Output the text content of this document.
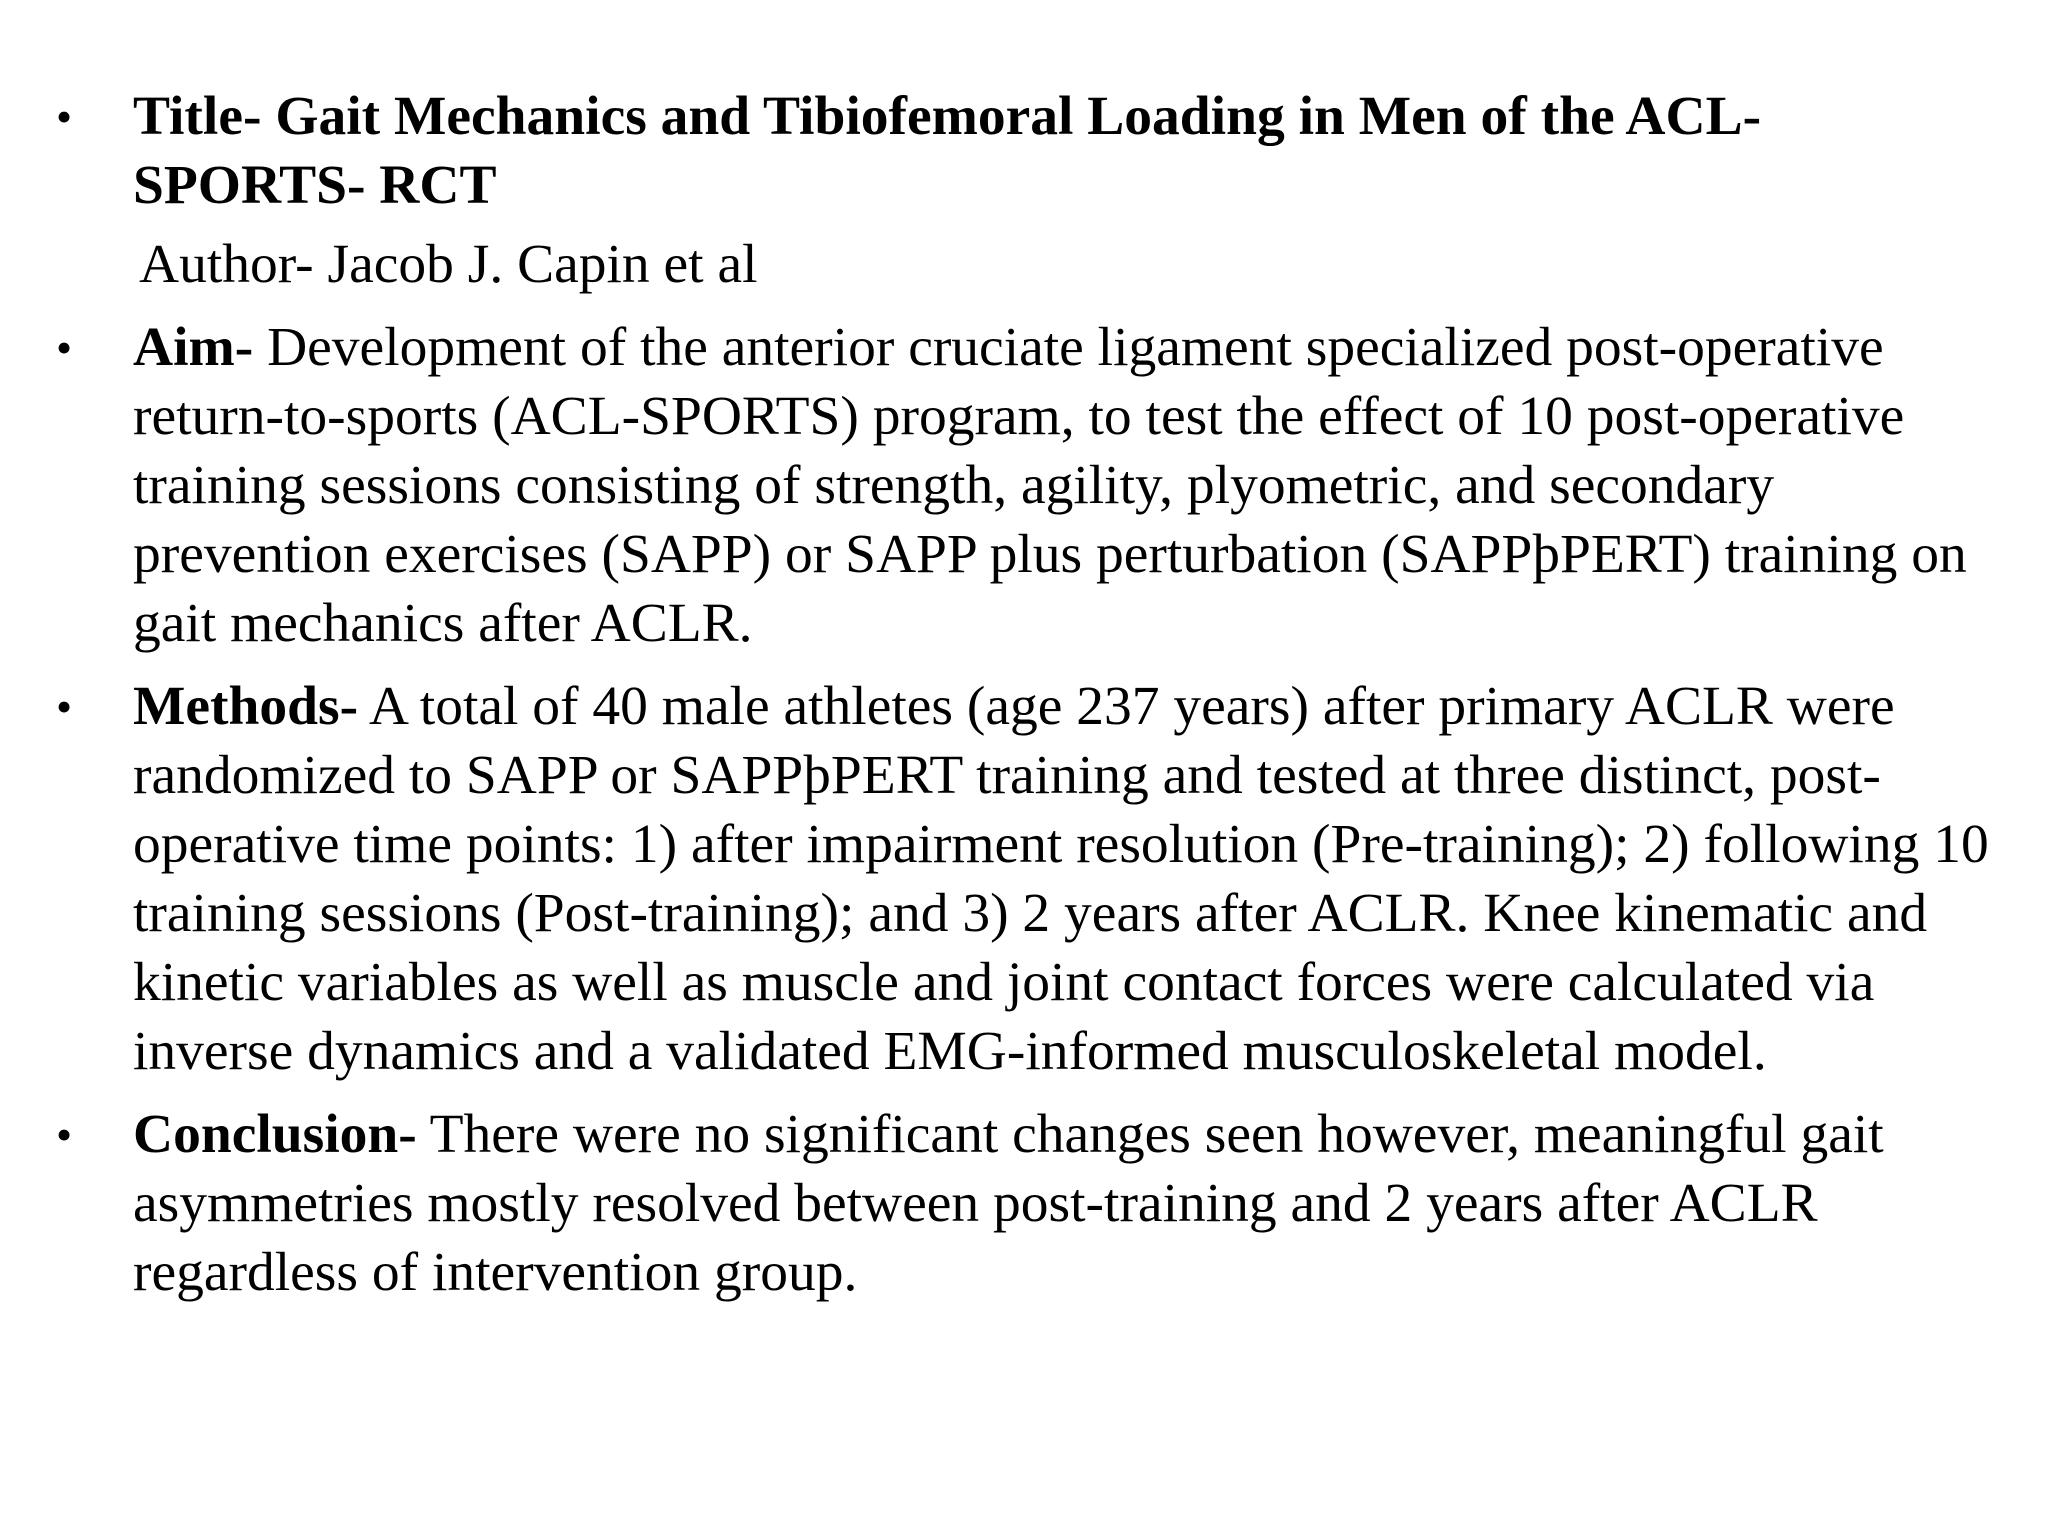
• Title- Gait Mechanics and Tibiofemoral Loading in Men of the ACL-SPORTS- RCT
Author- Jacob J. Capin et al
• Aim- Development of the anterior cruciate ligament specialized post-operative return-to-sports (ACL-SPORTS) program, to test the effect of 10 post-operative training sessions consisting of strength, agility, plyometric, and secondary prevention exercises (SAPP) or SAPP plus perturbation (SAPPþPERT) training on gait mechanics after ACLR.
• Methods- A total of 40 male athletes (age 237 years) after primary ACLR were randomized to SAPP or SAPPþPERT training and tested at three distinct, post-operative time points: 1) after impairment resolution (Pre-training); 2) following 10 training sessions (Post-training); and 3) 2 years after ACLR. Knee kinematic and kinetic variables as well as muscle and joint contact forces were calculated via inverse dynamics and a validated EMG-informed musculoskeletal model.
• Conclusion- There were no significant changes seen however, meaningful gait asymmetries mostly resolved between post-training and 2 years after ACLR regardless of intervention group.
